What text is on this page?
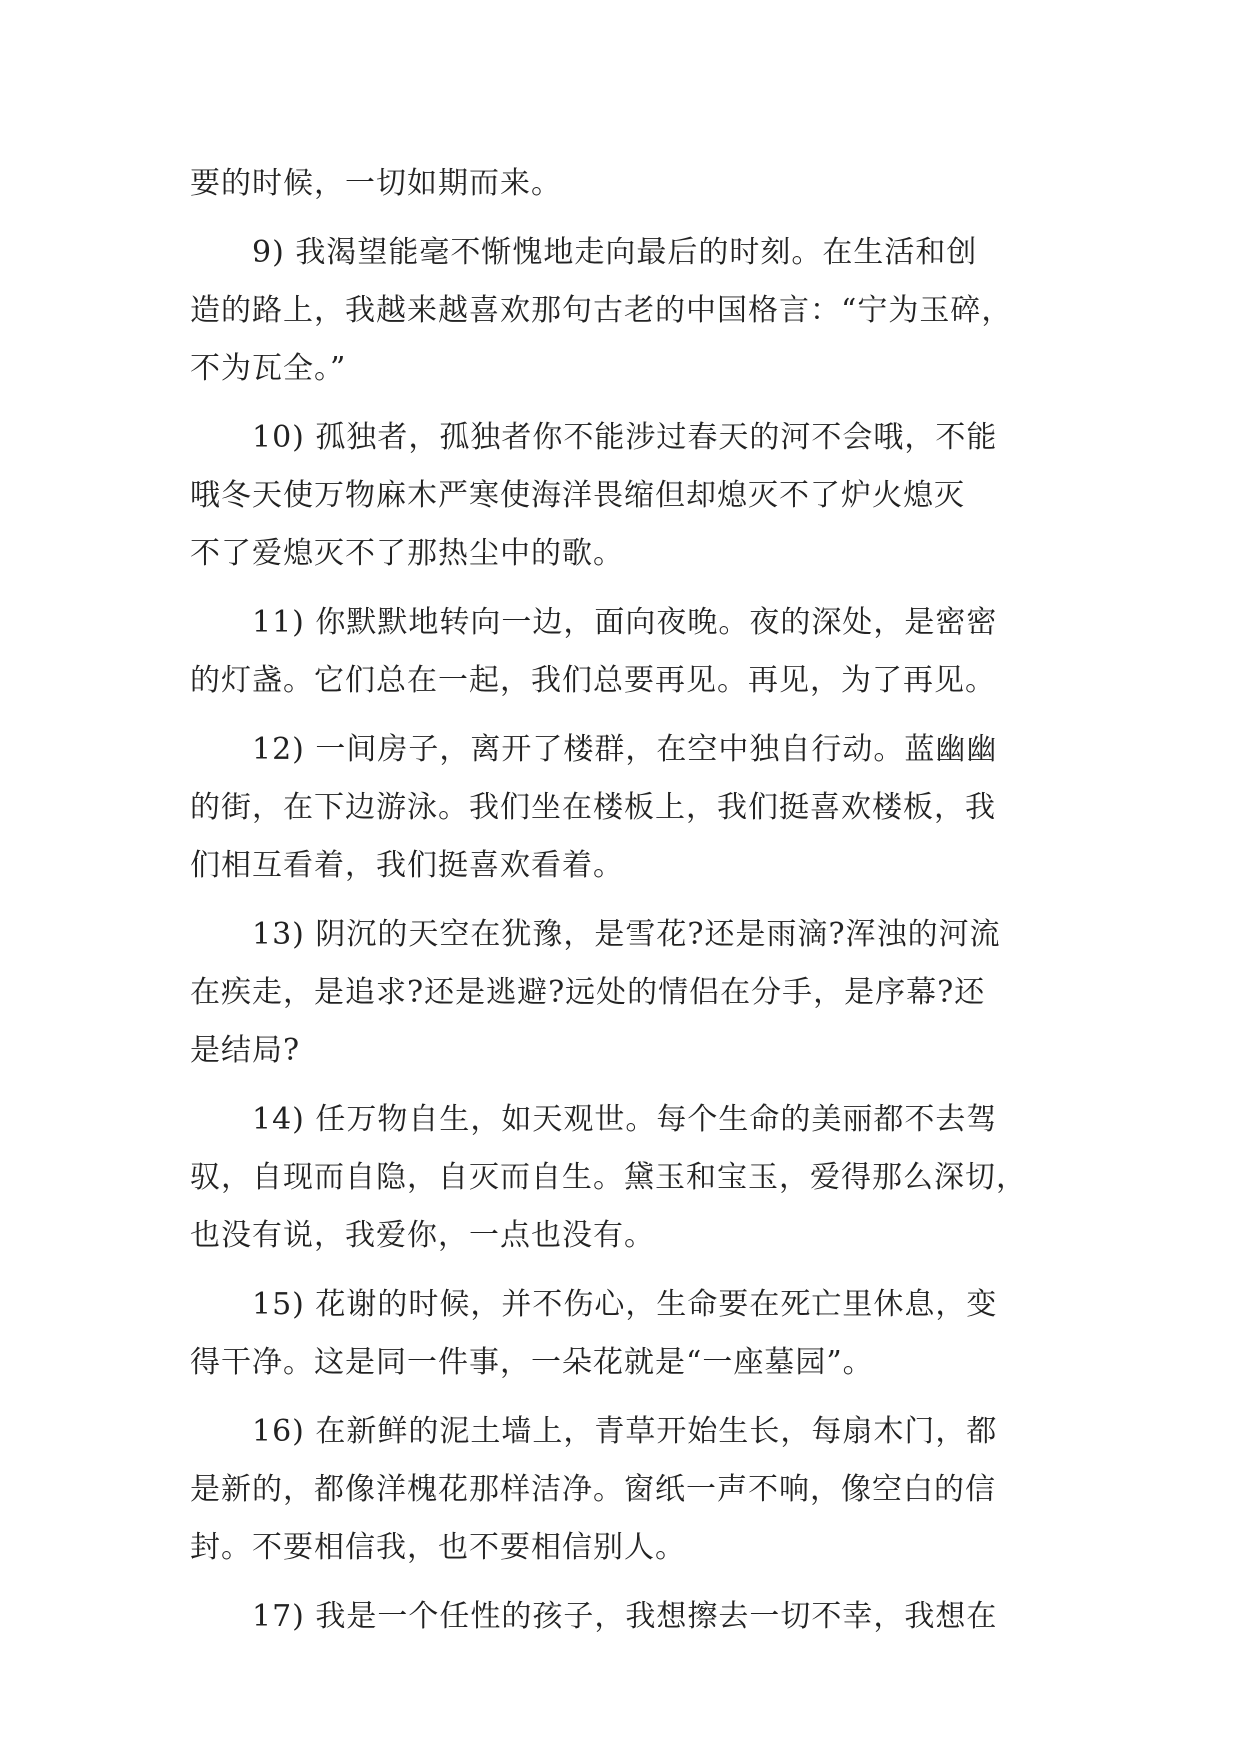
要的时候，一切如期而来。
9) 我渴望能毫不惭愧地走向最后的时刻。在生活和创
造的路上，我越来越喜欢那句古老的中国格言：“宁为玉碎，
不为瓦全。”
10) 孤独者，孤独者你不能涉过春天的河不会哦，不能
哦冬天使万物麻木严寒使海洋畏缩但却熄灭不了炉火熄灭
不了爱熄灭不了那热尘中的歌。
11) 你默默地转向一边，面向夜晚。夜的深处，是密密
的灯盏。它们总在一起，我们总要再见。再见，为了再见。
12) 一间房子，离开了楼群，在空中独自行动。蓝幽幽
的街，在下边游泳。我们坐在楼板上，我们挺喜欢楼板，我
们相互看着，我们挺喜欢看着。
13) 阴沉的天空在犹豫，是雪花?还是雨滴?浑浊的河流
在疾走，是追求?还是逃避?远处的情侣在分手，是序幕?还
是结局?
14) 任万物自生，如天观世。每个生命的美丽都不去驾
驭，自现而自隐，自灭而自生。黛玉和宝玉，爱得那么深切，
也没有说，我爱你，一点也没有。
15) 花谢的时候，并不伤心，生命要在死亡里休息，变
得干净。这是同一件事，一朵花就是“一座墓园”。
16) 在新鲜的泥土墙上，青草开始生长，每扇木门，都
是新的，都像洋槐花那样洁净。窗纸一声不响，像空白的信
封。不要相信我，也不要相信别人。
17) 我是一个任性的孩子，我想擦去一切不幸，我想在
